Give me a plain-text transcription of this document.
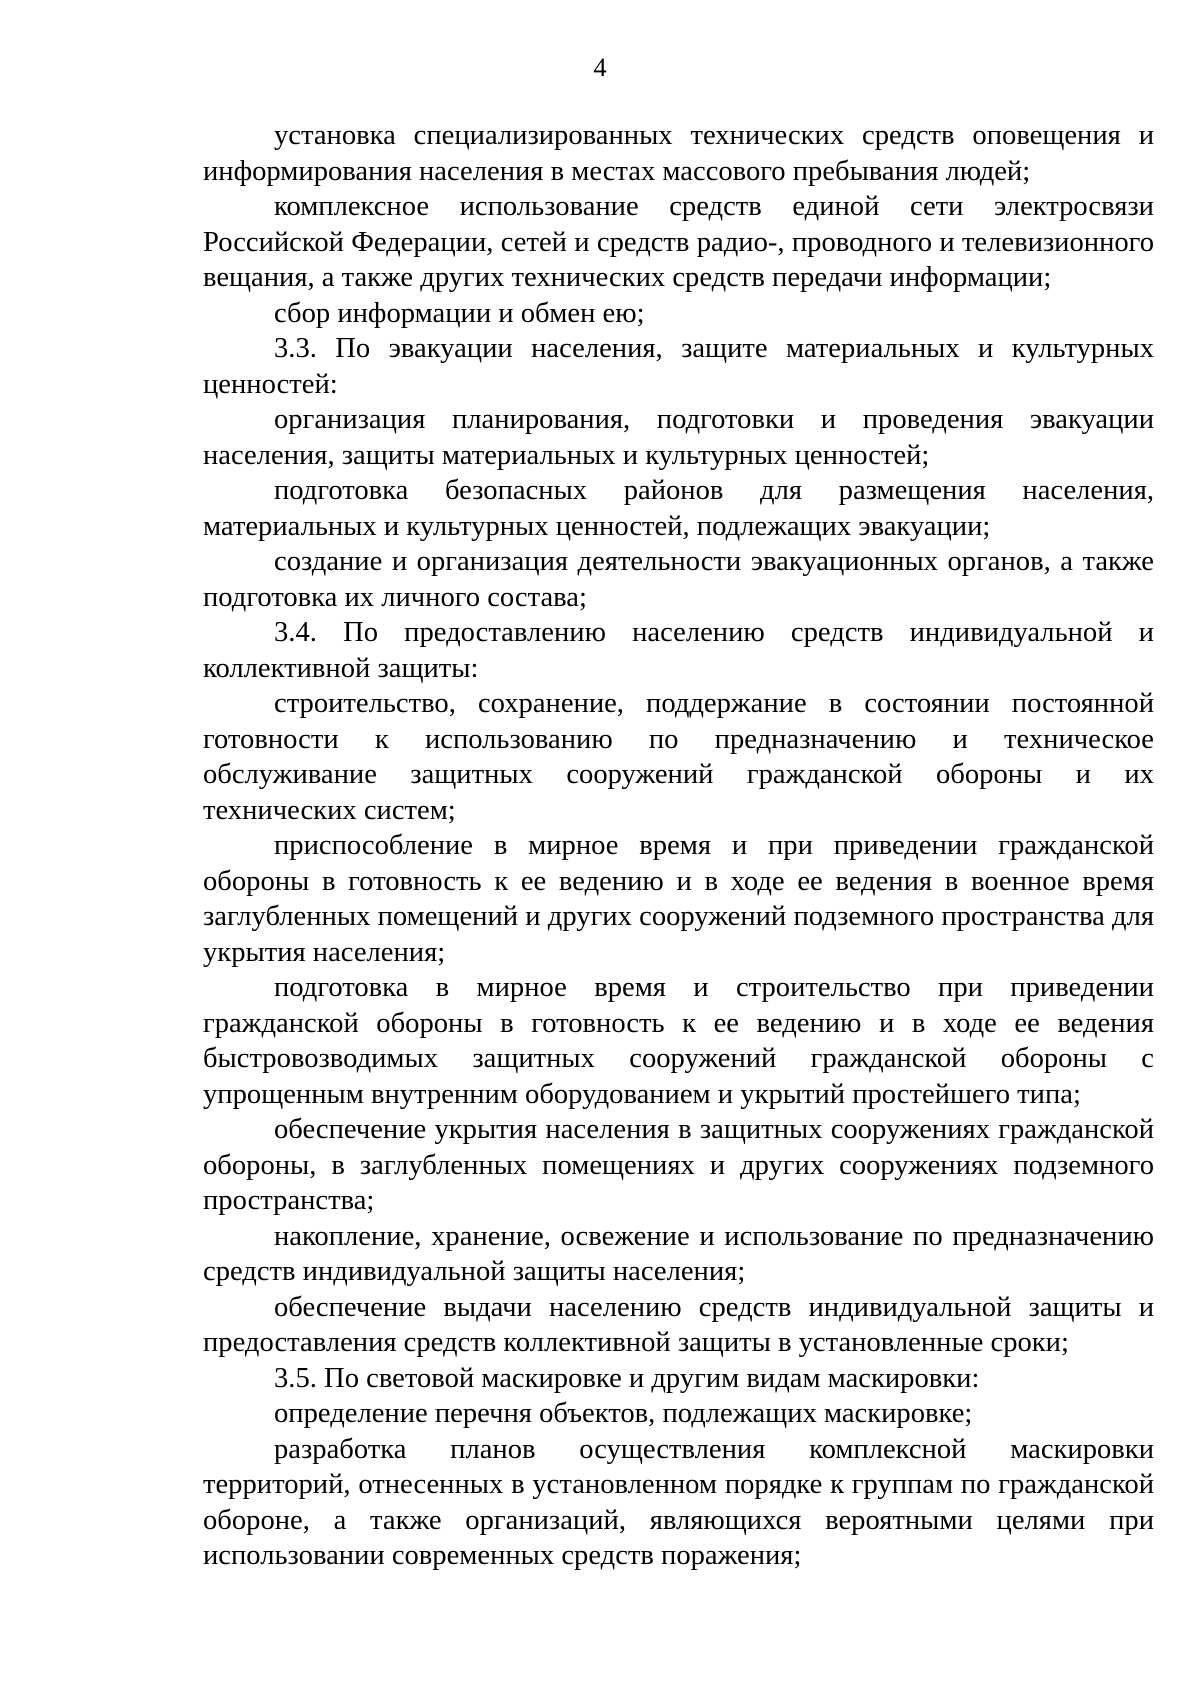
4

установка специализированных технических средств оповещения и информирования населения в местах массового пребывания людей;

комплексное использование средств единой сети электросвязи Российской Федерации, сетей и средств радио-, проводного и телевизионного вещания, а также других технических средств передачи информации;

сбор информации и обмен ею;

3.3. По эвакуации населения, защите материальных и культурных ценностей:

организация планирования, подготовки и проведения эвакуации населения, защиты материальных и культурных ценностей;

подготовка безопасных районов для размещения населения, материальных и культурных ценностей, подлежащих эвакуации;

создание и организация деятельности эвакуационных органов, а также подготовка их личного состава;

3.4. По предоставлению населению средств индивидуальной и коллективной защиты:

строительство, сохранение, поддержание в состоянии постоянной готовности к использованию по предназначению и техническое обслуживание защитных сооружений гражданской обороны и их технических систем;

приспособление в мирное время и при приведении гражданской обороны в готовность к ее ведению и в ходе ее ведения в военное время заглубленных помещений и других сооружений подземного пространства для укрытия населения;

подготовка в мирное время и строительство при приведении гражданской обороны в готовность к ее ведению и в ходе ее ведения быстровозводимых защитных сооружений гражданской обороны с упрощенным внутренним оборудованием и укрытий простейшего типа;

обеспечение укрытия населения в защитных сооружениях гражданской обороны, в заглубленных помещениях и других сооружениях подземного пространства;

накопление, хранение, освежение и использование по предназначению средств индивидуальной защиты населения;

обеспечение выдачи населению средств индивидуальной защиты и предоставления средств коллективной защиты в установленные сроки;

3.5. По световой маскировке и другим видам маскировки:

определение перечня объектов, подлежащих маскировке;

разработка планов осуществления комплексной маскировки территорий, отнесенных в установленном порядке к группам по гражданской обороне, а также организаций, являющихся вероятными целями при использовании современных средств поражения;
